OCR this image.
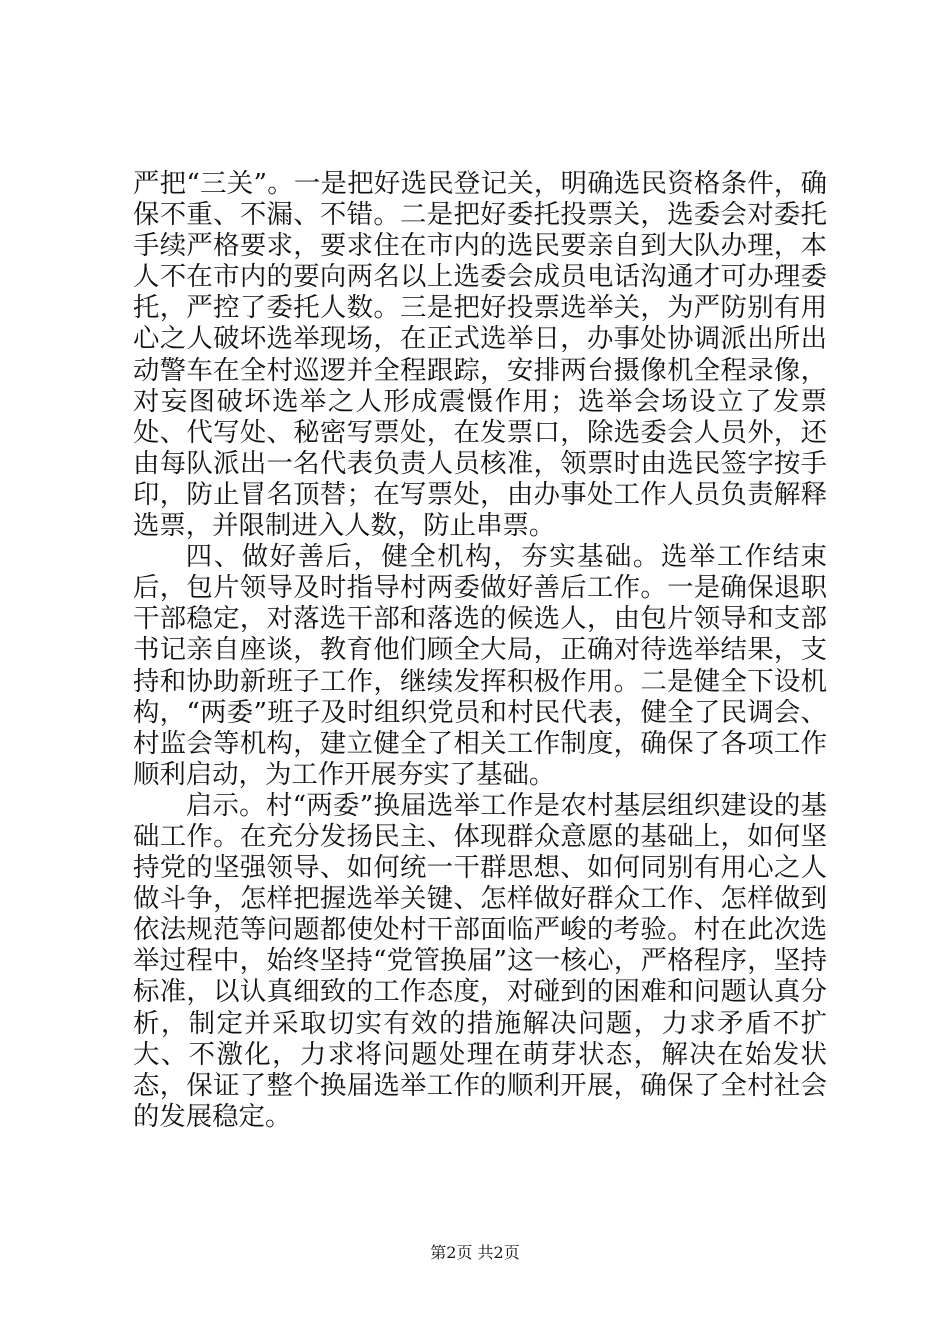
严把“三关”。一是把好选民登记关，明确选民资格条件，确保不重、不漏、不错。二是把好委托投票关，选委会对委托手续严格要求，要求住在市内的选民要亲自到大队办理，本人不在市内的要向两名以上选委会成员电话沟通才可办理委托，严控了委托人数。三是把好投票选举关，为严防别有用心之人破坏选举现场，在正式选举日，办事处协调派出所出动警车在全村巡逻并全程跟踪，安排两台摄像机全程录像，对妄图破坏选举之人形成震慑作用；选举会场设立了发票处、代写处、秘密写票处，在发票口，除选委会人员外，还由每队派出一名代表负责人员核准，领票时由选民签字按手印，防止冒名顶替；在写票处，由办事处工作人员负责解释选票，并限制进入人数，防止串票。

四、做好善后，健全机构，夯实基础。选举工作结束后，包片领导及时指导村两委做好善后工作。一是确保退职干部稳定，对落选干部和落选的候选人，由包片领导和支部书记亲自座谈，教育他们顾全大局，正确对待选举结果，支持和协助新班子工作，继续发挥积极作用。二是健全下设机构，“两委”班子及时组织党员和村民代表，健全了民调会、村监会等机构，建立健全了相关工作制度，确保了各项工作顺利启动，为工作开展夯实了基础。

启示。村“两委”换届选举工作是农村基层组织建设的基础工作。在充分发扬民主、体现群众意愿的基础上，如何坚持党的坚强领导、如何统一干群思想、如何同别有用心之人做斗争，怎样把握选举关键、怎样做好群众工作、怎样做到依法规范等问题都使处村干部面临严峻的考验。村在此次选举过程中，始终坚持“党管换届”这一核心，严格程序，坚持标准，以认真细致的工作态度，对碰到的困难和问题认真分析，制定并采取切实有效的措施解决问题，力求矛盾不扩大、不激化，力求将问题处理在萌芽状态，解决在始发状态，保证了整个换届选举工作的顺利开展，确保了全村社会的发展稳定。

第2页 共2页
